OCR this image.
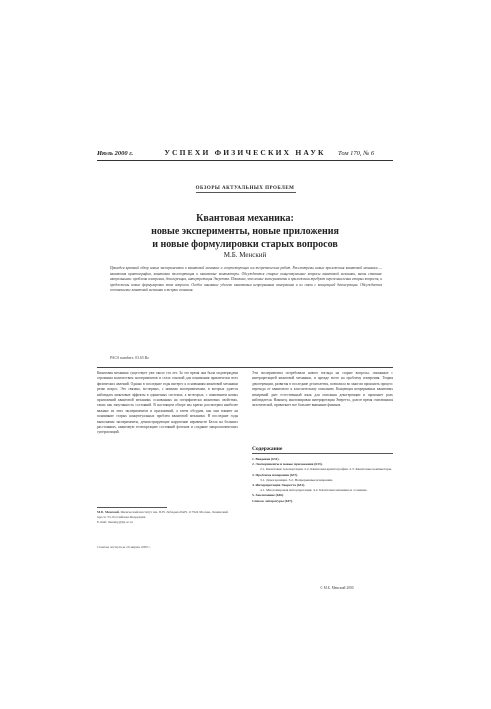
Июль 2000 г.	УСПЕХИ ФИЗИЧЕСКИХ НАУК	Том 170, № 6
ОБЗОРЫ АКТУАЛЬНЫХ ПРОБЛЕМ
Квантовая механика:
новые эксперименты, новые приложения
и новые формулировки старых вопросов
М.Б. Менский
Приведен краткий обзор новых экспериментов в квантовой механике и сопутствующих им теоретических работ. Рассмотрены новые приложения квантовой механики — квантовая криптография, квантовая телепортация и квантовые компьютеры. Обсуждаются старые концептуальные вопросы квантовой механики, вновь ставшие актуальными: проблема измерения, декогеренция, интерпретация Эверетта. Показано, что новые эксперименты и приложения требуют переосмысления старых вопросов, и предложены новые формулировки этих вопросов. Особое внимание уделено квантовым непрерывным измерениям и их связи с концепцией декогеренции. Обсуждается соотношение квантовой механики и теории сознания.
PACS numbers: 03.65.Bz
Квантовая механика существует уже около ста лет. За это время она была подтверждена огромным количеством экспериментов и стала основой для понимания практически всех физических явлений. Однако в последние годы интерес к основаниям квантовой механики резко возрос. Это связано, во-первых, с новыми экспериментами, в которых удается наблюдать квантовые эффекты в одиночных системах, а во-вторых, с появлением новых приложений квантовой механики, основанных на специфически квантовых свойствах, таких как запутанность состояний. В настоящем обзоре мы кратко рассмотрим наиболее важные из этих экспериментов и приложений, а затем обсудим, как они влияют на понимание старых концептуальных проблем квантовой механики. В последние годы выполнены эксперименты, демонстрирующие нарушение неравенств Белла на больших расстояниях, квантовую телепортацию состояний фотонов и создание макроскопических суперпозиций.
Эти эксперименты потребовали нового взгляда на старые вопросы, связанные с интерпретацией квантовой механики, и прежде всего на проблему измерения. Теория декогеренции, развитая в последние десятилетия, позволила во многом прояснить процесс перехода от квантового к классическому описанию. Концепция непрерывных квантовых измерений дает естественный язык для описания декогеренции и проясняет роль наблюдателя. Наконец, многомировая интерпретация Эверетта, долгое время считавшаяся экзотической, привлекает все большее внимание физиков.
М.Б. Менский. Физический институт им. П.Н. Лебедева РАН, 117924 Москва, Ленинский просп. 53, Российская Федерация
E-mail: mensky@lpi.ac.ru
Статья поступила 20 марта 2000 г.
Содержание
1. Введение (631).
2. Эксперименты и новые приложения (633).
2.1. Квантовая телепортация. 2.2. Квантовая криптография. 2.3. Квантовые компьютеры.
3. Проблема измерения (637).
3.1. Декогеренция. 3.2. Непрерывные измерения.
4. Интерпретация Эверетта (641).
4.1. Многомировая интерпретация. 4.2. Квантовая механика и сознание.
5. Заключение (646).
Список литературы (647).
© М.Б. Менский 2000
